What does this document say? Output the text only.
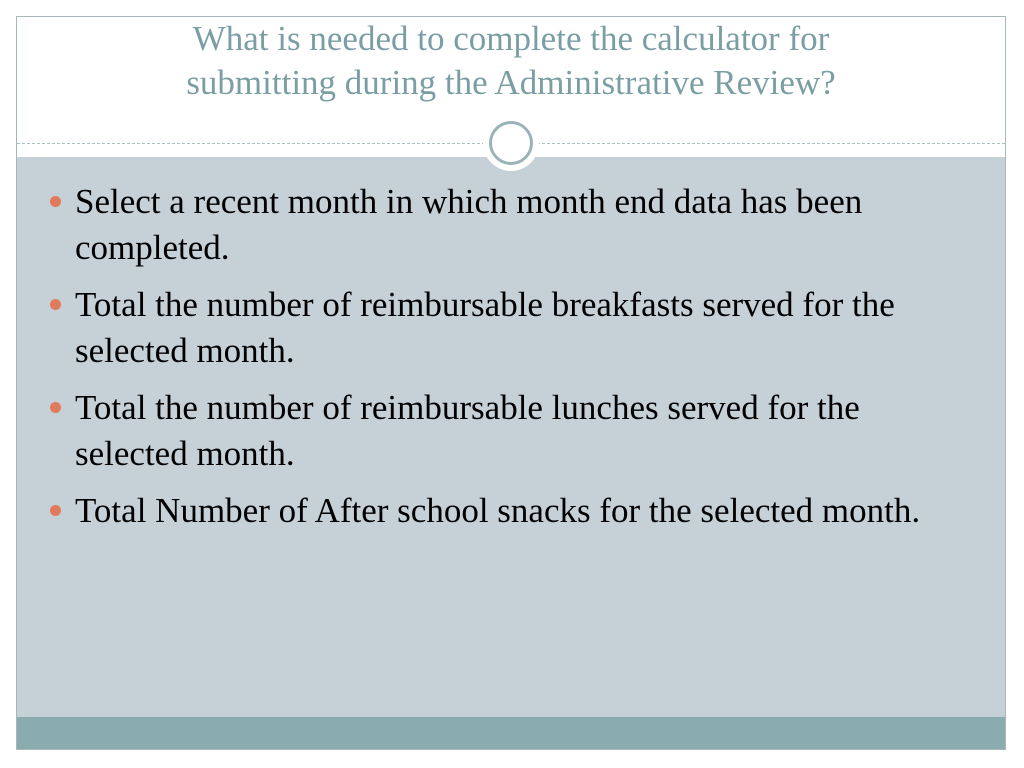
What is needed to complete the calculator for
submitting during the Administrative Review?
Select a recent month in which month end data has been completed.
Total the number of reimbursable breakfasts served for the selected month.
Total the number of reimbursable lunches served for the selected month.
Total Number of After school snacks for the selected month.
